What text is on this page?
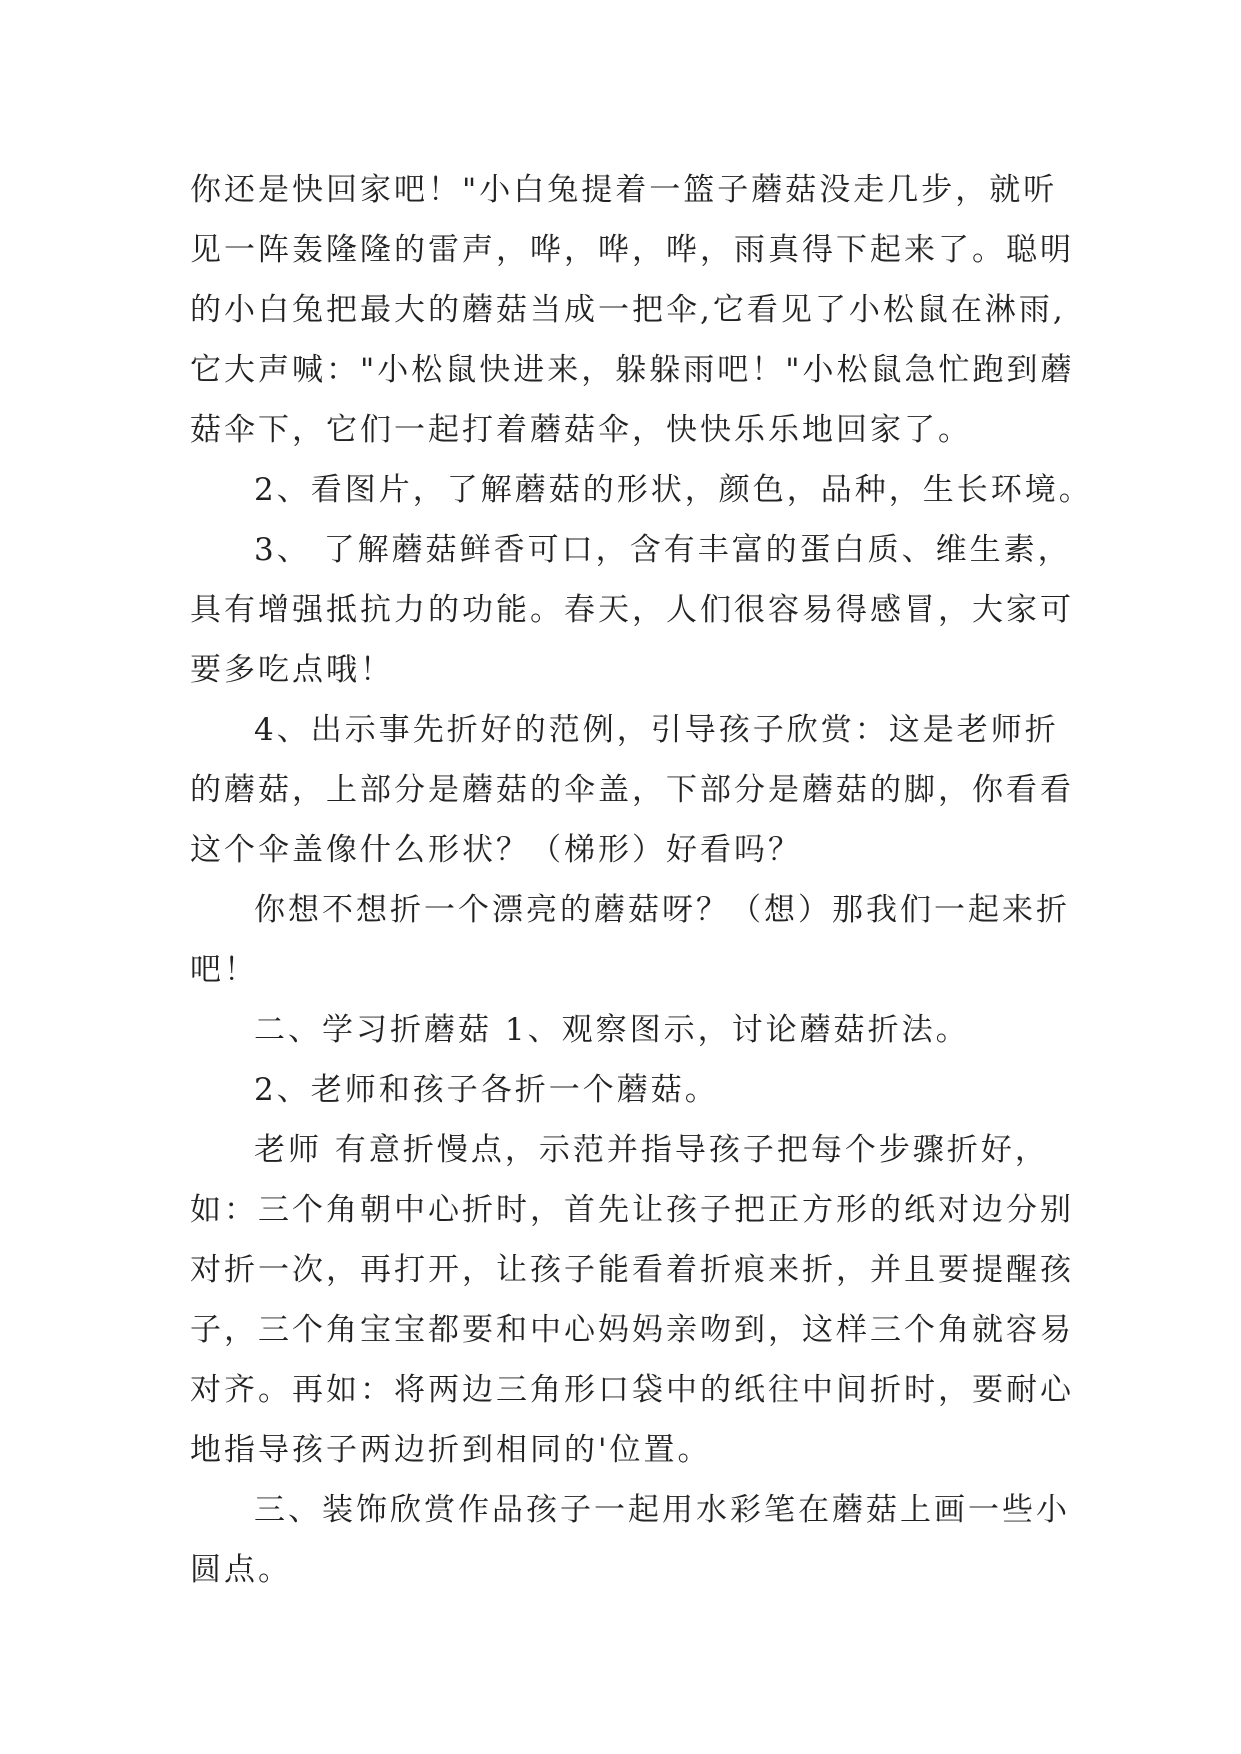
你还是快回家吧！"小白兔提着一篮子蘑菇没走几步，就听
见一阵轰隆隆的雷声，哗，哗，哗，雨真得下起来了。聪明
的小白兔把最大的蘑菇当成一把伞,它看见了小松鼠在淋雨,
它大声喊："小松鼠快进来，躲躲雨吧！"小松鼠急忙跑到蘑
菇伞下，它们一起打着蘑菇伞，快快乐乐地回家了。
2、看图片，了解蘑菇的形状，颜色，品种，生长环境。
3、 了解蘑菇鲜香可口，含有丰富的蛋白质、维生素，
具有增强抵抗力的功能。春天，人们很容易得感冒，大家可
要多吃点哦！
4、出示事先折好的范例，引导孩子欣赏：这是老师折
的蘑菇，上部分是蘑菇的伞盖，下部分是蘑菇的脚，你看看
这个伞盖像什么形状？（梯形）好看吗？
你想不想折一个漂亮的蘑菇呀？（想）那我们一起来折
吧！
二、学习折蘑菇 1、观察图示，讨论蘑菇折法。
2、老师和孩子各折一个蘑菇。
老师 有意折慢点，示范并指导孩子把每个步骤折好，
如：三个角朝中心折时，首先让孩子把正方形的纸对边分别
对折一次，再打开，让孩子能看着折痕来折，并且要提醒孩
子，三个角宝宝都要和中心妈妈亲吻到，这样三个角就容易
对齐。再如：将两边三角形口袋中的纸往中间折时，要耐心
地指导孩子两边折到相同的'位置。
三、装饰欣赏作品孩子一起用水彩笔在蘑菇上画一些小
圆点。
